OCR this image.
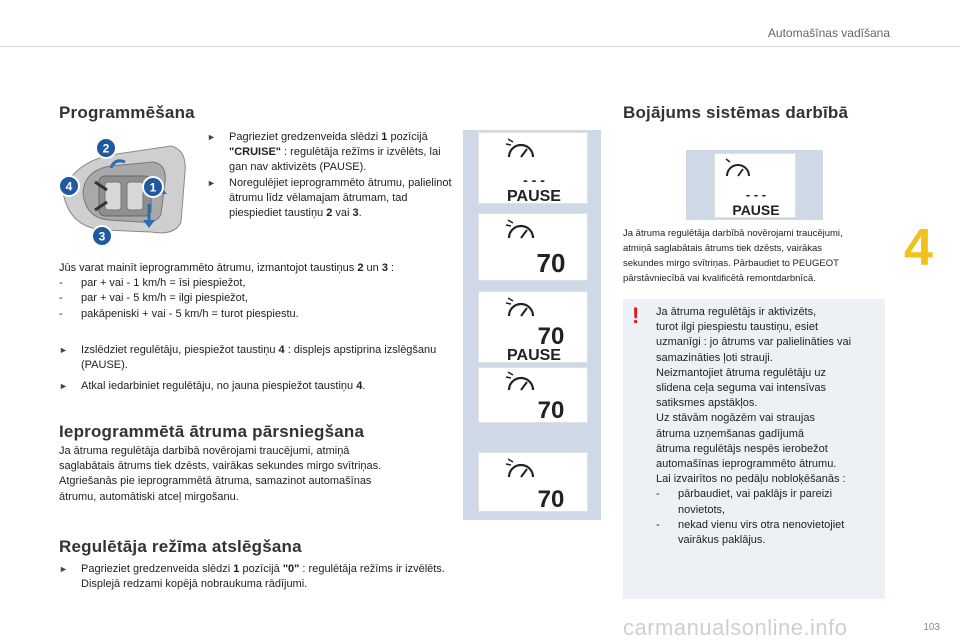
Automašīnas vadīšana
Programmēšana
2
1
4
3
►	Pagrieziet gredzenveida slēdzi 1 pozīcijā "CRUISE" : regulētāja režīms ir izvēlēts, lai gan nav aktivizēts (PAUSE).
►	Noregulējiet ieprogrammēto ātrumu, palielinot ātrumu līdz vēlamajam ātrumam, tad piespiediet taustiņu 2 vai 3.
Jūs varat mainīt ieprogrammēto ātrumu, izmantojot taustiņus 2 un 3 :
-	par + vai - 1 km/h = īsi piespiežot,
-	par + vai - 5 km/h = ilgi piespiežot,
-	pakāpeniski + vai - 5 km/h = turot piespiestu.
►	Izslēdziet regulētāju, piespiežot taustiņu 4 : displejs apstiprina izslēgšanu (PAUSE).
►	Atkal iedarbiniet regulētāju, no jauna piespiežot taustiņu 4.
Ieprogrammētā ātruma pārsniegšana
Ja ātruma regulētāja darbībā novērojami traucējumi, atmiņā
saglabātais ātrums tiek dzēsts, vairākas sekundes mirgo svītriņas.
Atgriešanās pie ieprogrammētā ātruma, samazinot automašīnas
ātrumu, automātiski atceļ mirgošanu.
Regulētāja režīma atslēgšana
►	Pagrieziet gredzenveida slēdzi 1 pozīcijā "0" : regulētāja režīms ir izvēlēts. Displejā redzami kopējā nobraukuma rādījumi.
- - -
PAUSE
70
70
PAUSE
70
70
Bojājums sistēmas darbībā
- - -
PAUSE
Ja ātruma regulētāja darbībā novērojami traucējumi,
atmiņā saglabātais ātrums tiek dzēsts, vairākas
sekundes mirgo svītriņas. Pārbaudiet to PEUGEOT
pārstāvniecībā vai kvalificētā remontdarbnīcā.
! Ja ātruma regulētājs ir aktivizēts,
turot ilgi piespiestu taustiņu, esiet
uzmanīgi : jo ātrums var palielināties vai
samazināties ļoti strauji.
Neizmantojiet ātruma regulētāju uz
slidena ceļa seguma vai intensīvas
satiksmes apstākļos.
Uz stāvām nogāzēm vai straujas
ātruma uzņemšanas gadījumā
ātruma regulētājs nespēs ierobežot
automašīnas ieprogrammēto ātrumu.
Lai izvairītos no pedāļu nobloķēšanās :
-	pārbaudiet, vai paklājs ir pareizi
novietots,
-	nekad vienu virs otra nenovietojiet
vairākus paklājus.
4
carmanualsonline.info	103
